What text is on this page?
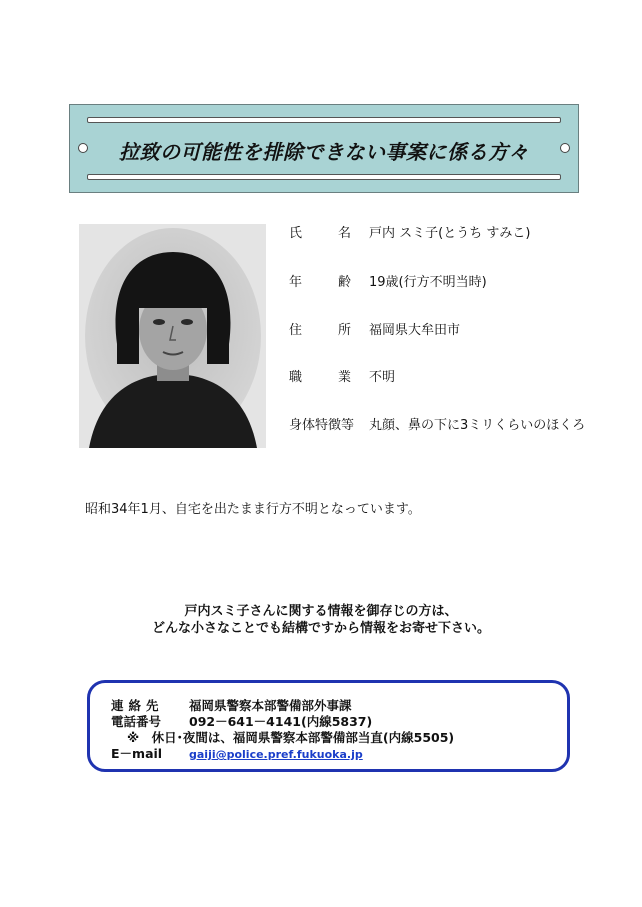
拉致の可能性を排除できない事案に係る方々
氏	名 戸内 スミ子(とうち すみこ)
年	齢 19歳(行方不明当時)
住	所 福岡県大牟田市
職	業 不明
身体特徴等 丸顔、鼻の下に3ミリくらいのほくろ
昭和34年1月、自宅を出たまま行方不明となっています。
戸内スミ子さんに関する情報を御存じの方は、
どんな小さなことでも結構ですから情報をお寄せ下さい。
連絡先 福岡県警察本部警備部外事課
電話番号 092－641－4141(内線5837)
※　休日･夜間は、福岡県警察本部警備部当直(内線5505)
E－mail gaiji@police.pref.fukuoka.jp
